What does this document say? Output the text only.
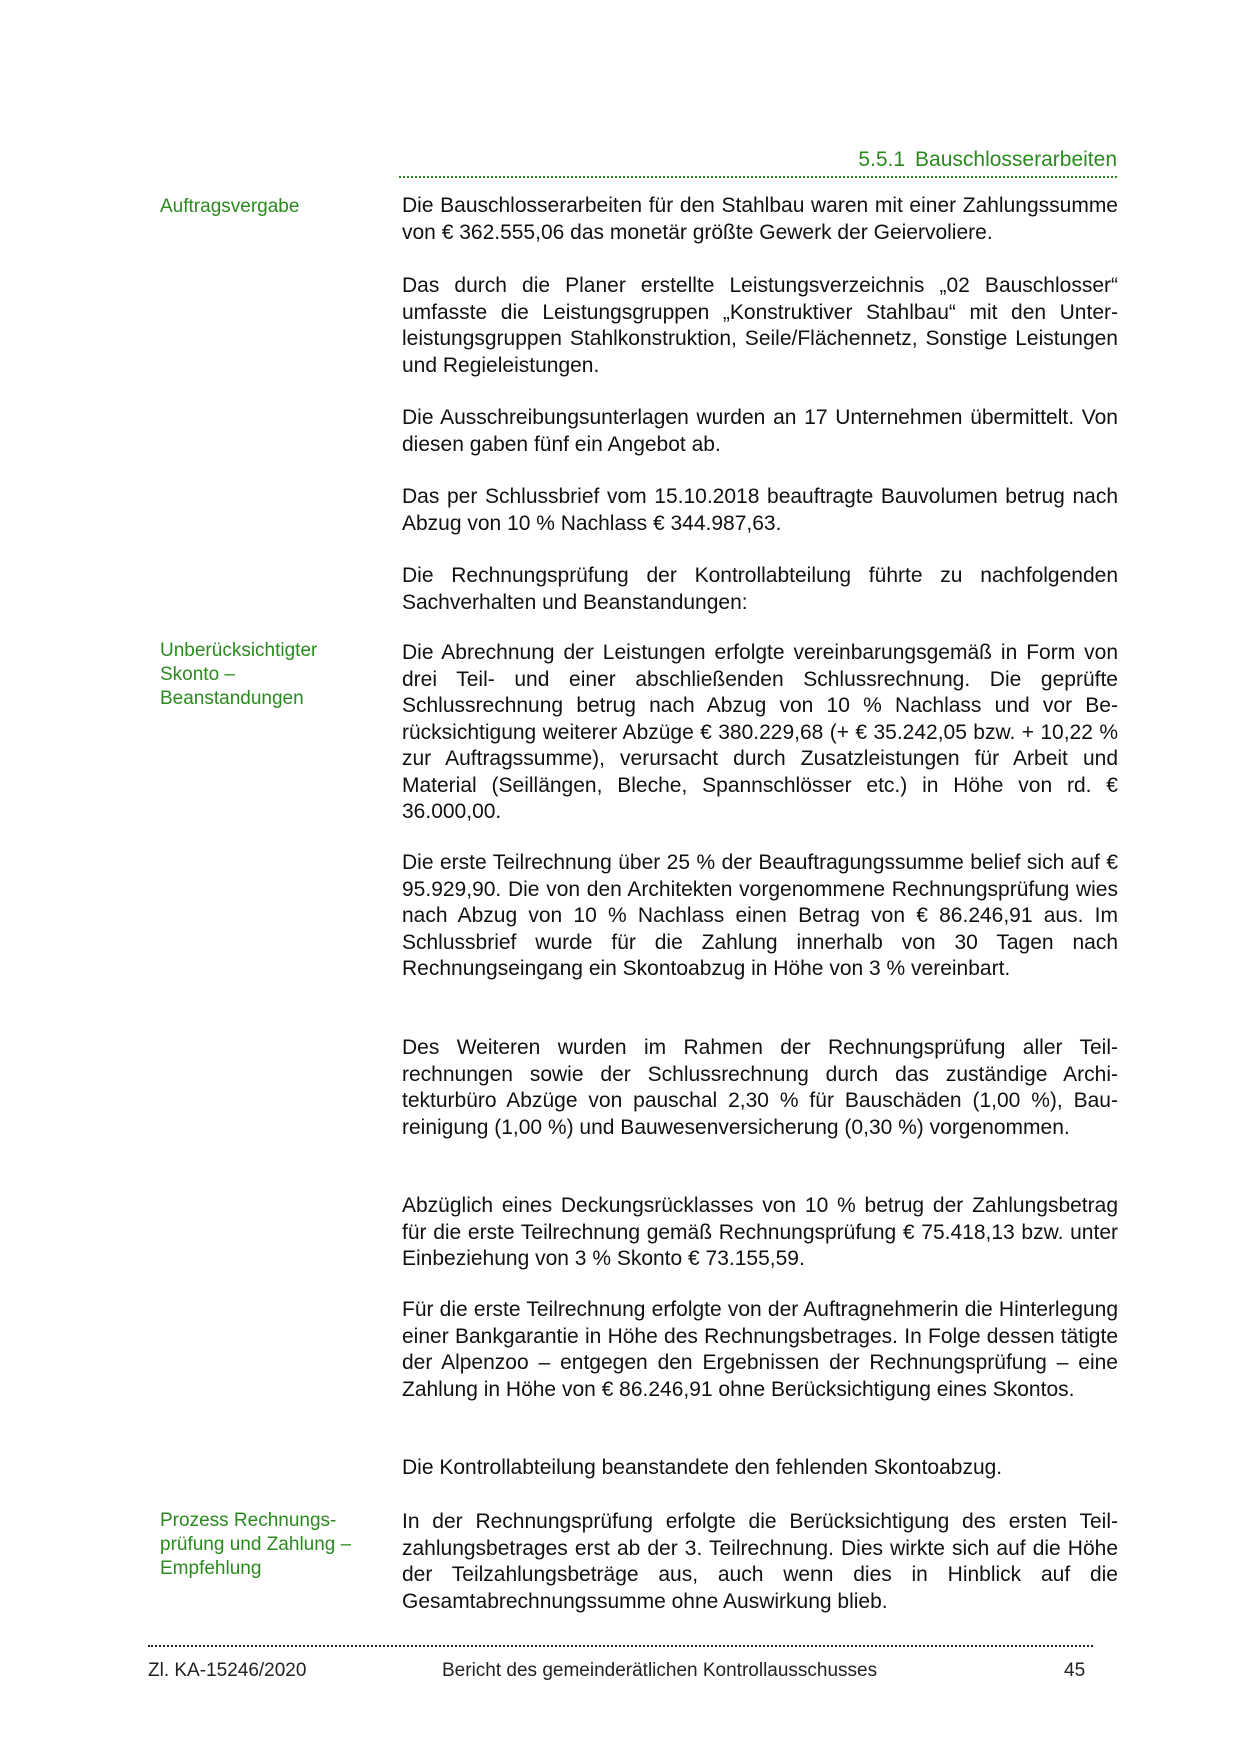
5.5.1 Bauschlosserarbeiten
Auftragsvergabe
Unberücksichtigter Skonto – Beanstandungen
Prozess Rechnungs-prüfung und Zahlung – Empfehlung
Die Bauschlosserarbeiten für den Stahlbau waren mit einer Zahlungssumme von € 362.555,06 das monetär größte Gewerk der Geiervoliere.
Das durch die Planer erstellte Leistungsverzeichnis „02 Bauschlosser“ umfasste die Leistungsgruppen „Konstruktiver Stahlbau“ mit den Unterleistungsgruppen Stahlkonstruktion, Seile/Flächennetz, Sonstige Leistungen und Regieleistungen.
Die Ausschreibungsunterlagen wurden an 17 Unternehmen übermittelt. Von diesen gaben fünf ein Angebot ab.
Das per Schlussbrief vom 15.10.2018 beauftragte Bauvolumen betrug nach Abzug von 10 % Nachlass € 344.987,63.
Die Rechnungsprüfung der Kontrollabteilung führte zu nachfolgenden Sachverhalten und Beanstandungen:
Die Abrechnung der Leistungen erfolgte vereinbarungsgemäß in Form von drei Teil- und einer abschließenden Schlussrechnung. Die geprüfte Schlussrechnung betrug nach Abzug von 10 % Nachlass und vor Berücksichtigung weiterer Abzüge € 380.229,68 (+ € 35.242,05 bzw. + 10,22 % zur Auftragssumme), verursacht durch Zusatzleistungen für Arbeit und Material (Seillängen, Bleche, Spannschlösser etc.) in Höhe von rd. € 36.000,00.
Die erste Teilrechnung über 25 % der Beauftragungssumme belief sich auf € 95.929,90. Die von den Architekten vorgenommene Rechnungsprüfung wies nach Abzug von 10 % Nachlass einen Betrag von € 86.246,91 aus. Im Schlussbrief wurde für die Zahlung innerhalb von 30 Tagen nach Rechnungseingang ein Skontoabzug in Höhe von 3 % vereinbart.
Des Weiteren wurden im Rahmen der Rechnungsprüfung aller Teilrechnungen sowie der Schlussrechnung durch das zuständige Architekturbüro Abzüge von pauschal 2,30 % für Bauschäden (1,00 %), Baureinigung (1,00 %) und Bauwesenversicherung (0,30 %) vorgenommen.
Abzüglich eines Deckungsrücklasses von 10 % betrug der Zahlungsbetrag für die erste Teilrechnung gemäß Rechnungsprüfung € 75.418,13 bzw. unter Einbeziehung von 3 % Skonto € 73.155,59.
Für die erste Teilrechnung erfolgte von der Auftragnehmerin die Hinterlegung einer Bankgarantie in Höhe des Rechnungsbetrages. In Folge dessen tätigte der Alpenzoo – entgegen den Ergebnissen der Rechnungsprüfung – eine Zahlung in Höhe von € 86.246,91 ohne Berücksichtigung eines Skontos.
Die Kontrollabteilung beanstandete den fehlenden Skontoabzug.
In der Rechnungsprüfung erfolgte die Berücksichtigung des ersten Teilzahlungsbetrages erst ab der 3. Teilrechnung. Dies wirkte sich auf die Höhe der Teilzahlungsbeträge aus, auch wenn dies in Hinblick auf die Gesamtabrechnungssumme ohne Auswirkung blieb.
Zl. KA-15246/2020	Bericht des gemeinderätlichen Kontrollausschusses	45
